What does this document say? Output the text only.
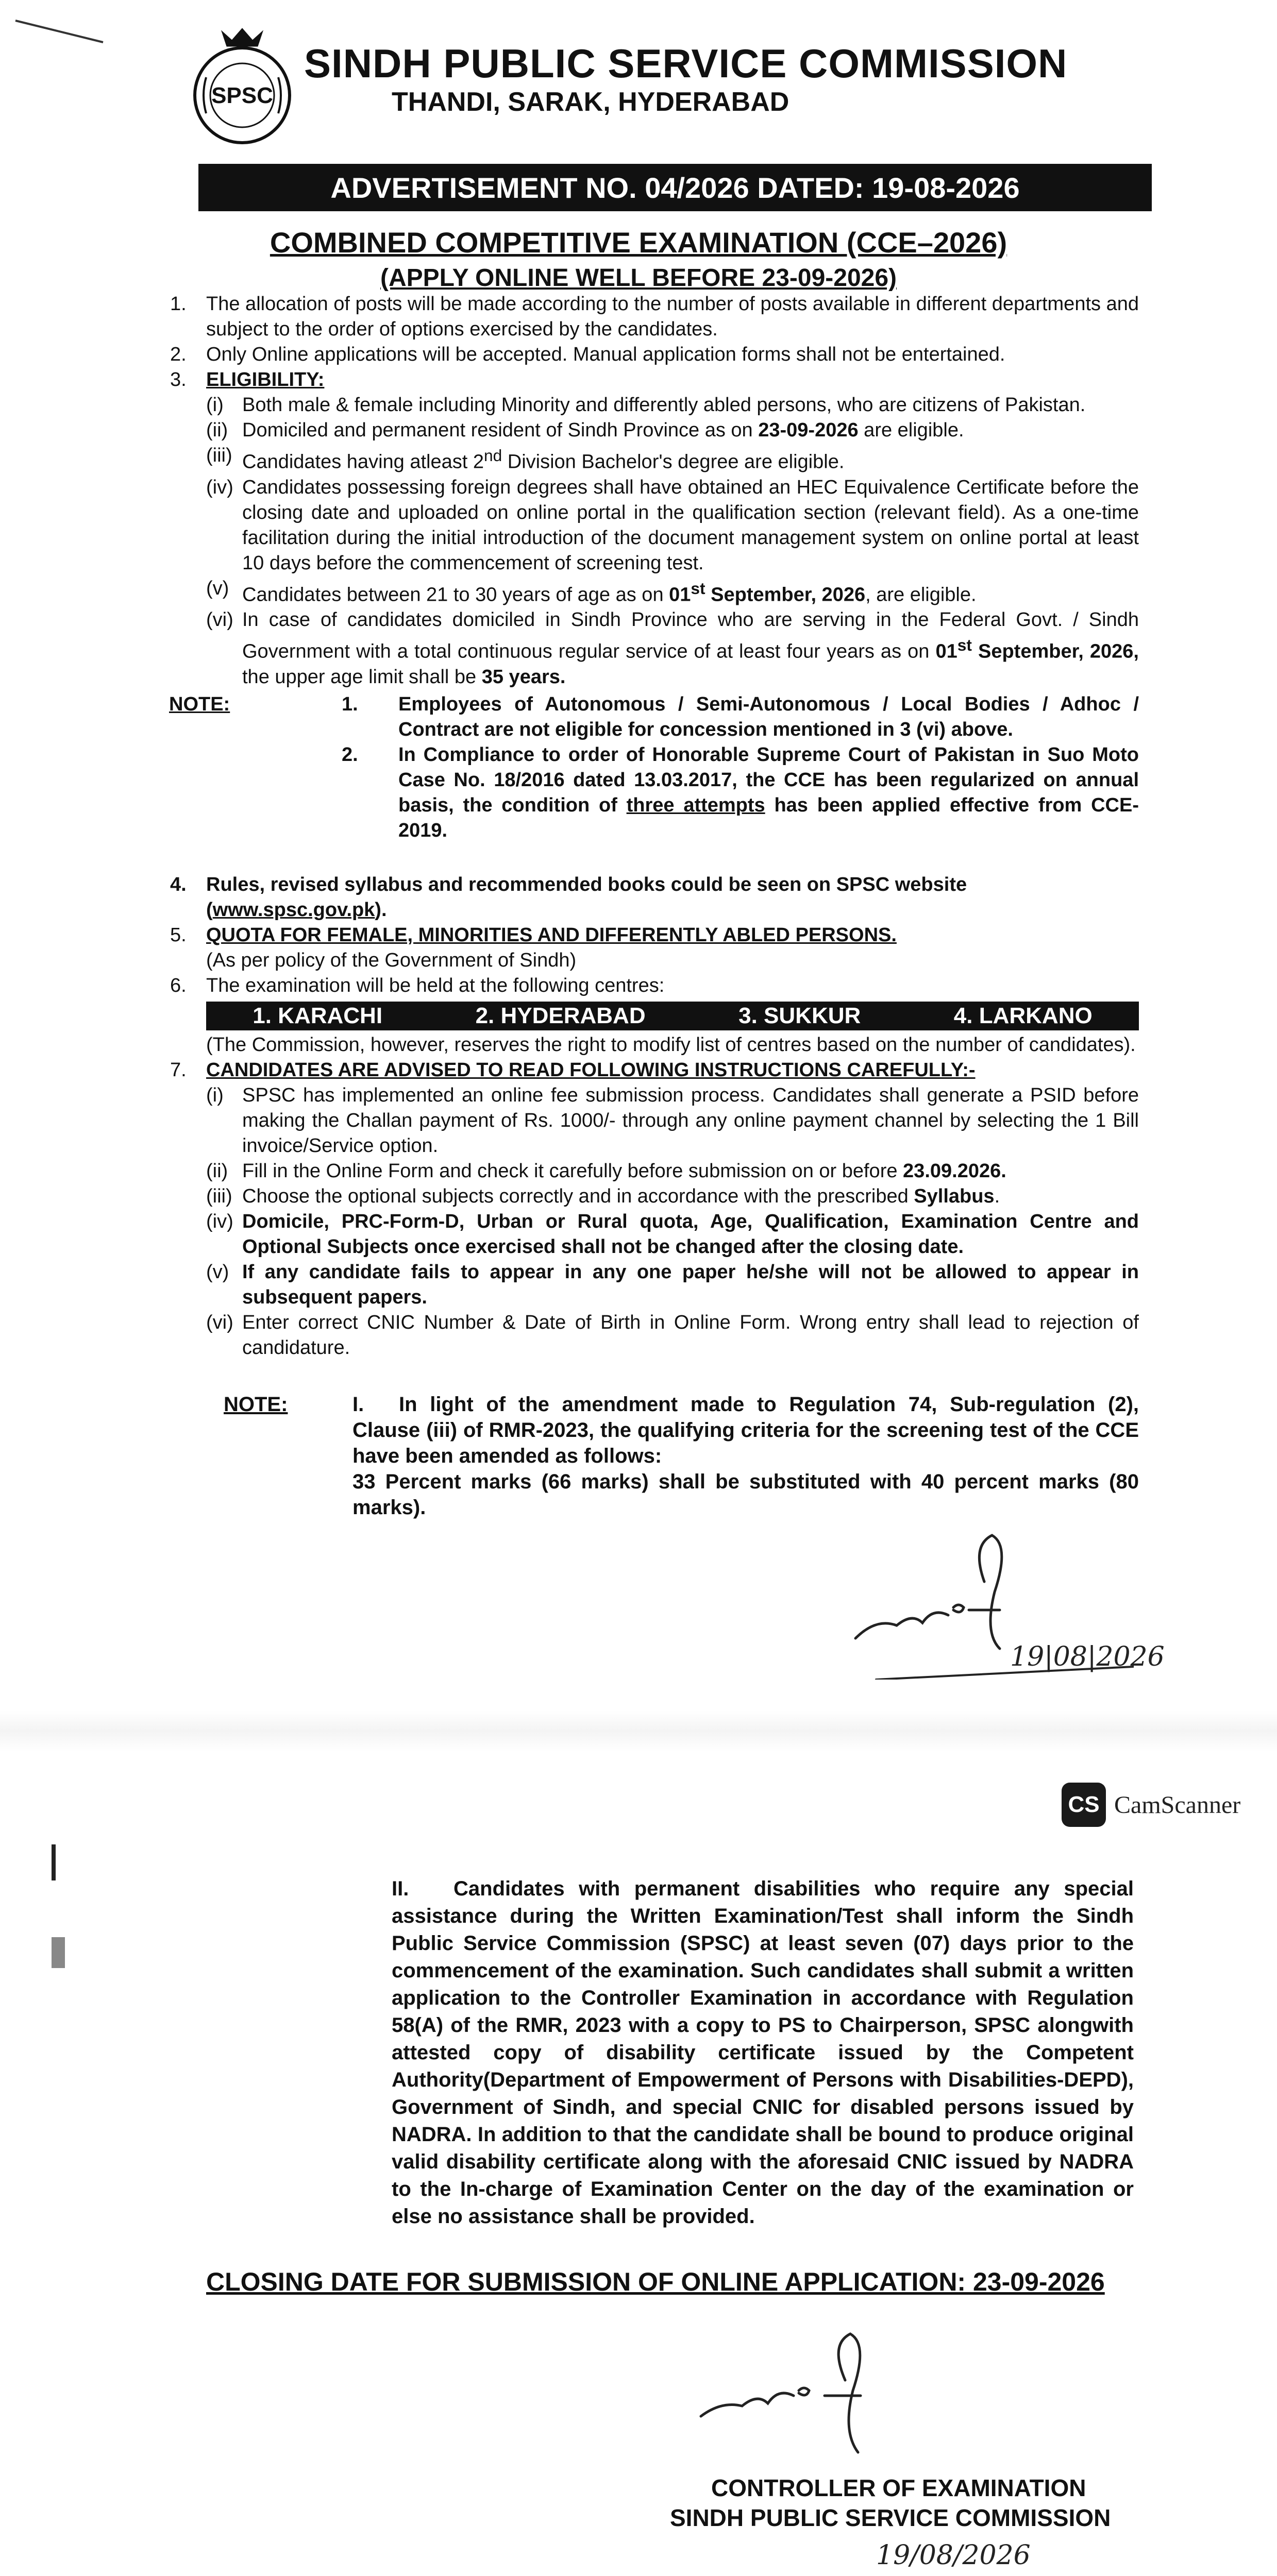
SPSC
SINDH PUBLIC SERVICE COMMISSION
THANDI, SARAK, HYDERABAD
ADVERTISEMENT NO. 04/2026 DATED: 19-08-2026
COMBINED COMPETITIVE EXAMINATION (CCE–2026)
(APPLY ONLINE WELL BEFORE 23-09-2026)
1.	The allocation of posts will be made according to the number of posts available in different departments and subject to the order of options exercised by the candidates.

2.	Only Online applications will be accepted. Manual application forms shall not be entertained.

3.	ELIGIBILITY:

(i) Both male & female including Minority and differently abled persons, who are citizens of Pakistan.

(ii) Domiciled and permanent resident of Sindh Province as on 23-09-2026 are eligible.

(iii) Candidates having atleast 2nd Division Bachelor's degree are eligible.

(iv) Candidates possessing foreign degrees shall have obtained an HEC Equivalence Certificate before the closing date and uploaded on online portal in the qualification section (relevant field). As a one-time facilitation during the initial introduction of the document management system on online portal at least 10 days before the commencement of screening test.

(v) Candidates between 21 to 30 years of age as on 01st September, 2026, are eligible.

(vi) In case of candidates domiciled in Sindh Province who are serving in the Federal Govt. / Sindh Government with a total continuous regular service of at least four years as on 01st September, 2026, the upper age limit shall be 35 years.

NOTE:	1.	Employees of Autonomous / Semi-Autonomous / Local Bodies / Adhoc / Contract are not eligible for concession mentioned in 3 (vi) above.

2.	In Compliance to order of Honorable Supreme Court of Pakistan in Suo Moto Case No. 18/2016 dated 13.03.2017, the CCE has been regularized on annual basis, the condition of three attempts has been applied effective from CCE-2019.

4.	Rules, revised syllabus and recommended books could be seen on SPSC website (www.spsc.gov.pk).

5.	QUOTA FOR FEMALE, MINORITIES AND DIFFERENTLY ABLED PERSONS.

(As per policy of the Government of Sindh)
6.	The examination will be held at the following centres:

1. KARACHI	2. HYDERABAD	3. SUKKUR	4. LARKANO

(The Commission, however, reserves the right to modify list of centres based on the number of candidates).

7.	CANDIDATES ARE ADVISED TO READ FOLLOWING INSTRUCTIONS CAREFULLY:-

(i) SPSC has implemented an online fee submission process. Candidates shall generate a PSID before making the Challan payment of Rs. 1000/- through any online payment channel by selecting the 1 Bill invoice/Service option.

(ii) Fill in the Online Form and check it carefully before submission on or before 23.09.2026.

(iii) Choose the optional subjects correctly and in accordance with the prescribed Syllabus.

(iv) Domicile, PRC-Form-D, Urban or Rural quota, Age, Qualification, Examination Centre and Optional Subjects once exercised shall not be changed after the closing date.

(v) If any candidate fails to appear in any one paper he/she will not be allowed to appear in subsequent papers.

(vi) Enter correct CNIC Number & Date of Birth in Online Form. Wrong entry shall lead to rejection of candidature.

NOTE:	I. In light of the amendment made to Regulation 74, Sub-regulation (2), Clause (iii) of RMR-2023, the qualifying criteria for the screening test of the CCE have been amended as follows:

33 Percent marks (66 marks) shall be substituted with 40 percent marks (80 marks).

19|08|2026
CS CamScanner
II. Candidates with permanent disabilities who require any special assistance during the Written Examination/Test shall inform the Sindh Public Service Commission (SPSC) at least seven (07) days prior to the commencement of the examination. Such candidates shall submit a written application to the Controller Examination in accordance with Regulation 58(A) of the RMR, 2023 with a copy to PS to Chairperson, SPSC alongwith attested copy of disability certificate issued by the Competent Authority(Department of Empowerment of Persons with Disabilities-DEPD), Government of Sindh, and special CNIC for disabled persons issued by NADRA. In addition to that the candidate shall be bound to produce original valid disability certificate along with the aforesaid CNIC issued by NADRA to the In-charge of Examination Center on the day of the examination or else no assistance shall be provided.
CLOSING DATE FOR SUBMISSION OF ONLINE APPLICATION: 23-09-2026
CONTROLLER OF EXAMINATION
SINDH PUBLIC SERVICE COMMISSION
19/08/2026
